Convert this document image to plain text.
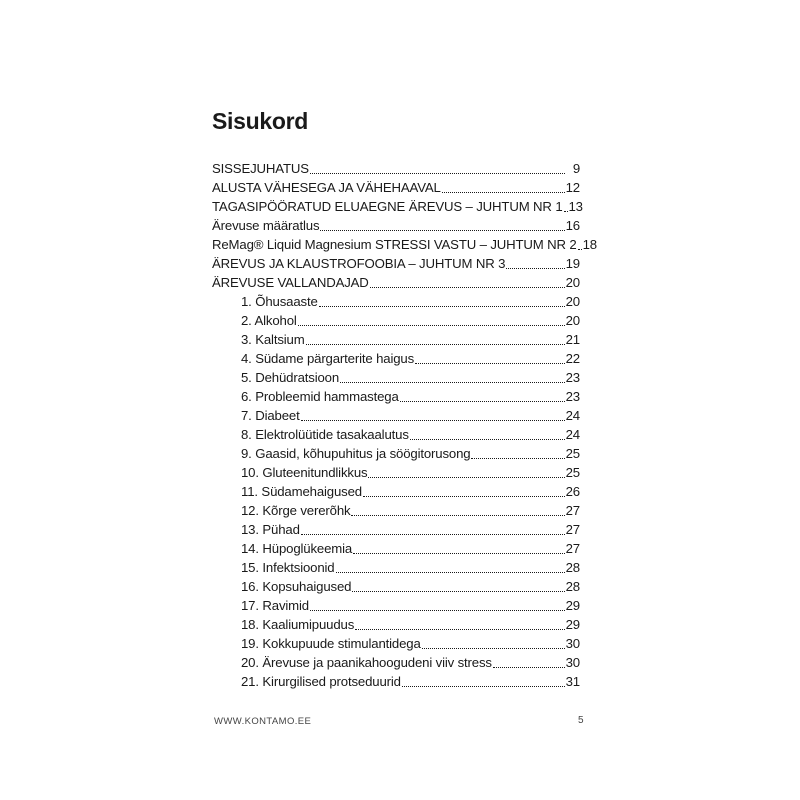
Sisukord
SISSEJUHATUS	9
ALUSTA VÄHESEGA JA VÄHEHAAVAL	12
TAGASIPÖÖRATUD ELUAEGNE ÄREVUS – JUHTUM NR 1 13
Ärevuse määratlus	16
ReMag® Liquid Magnesium STRESSI VASTU – JUHTUM NR 2 18
ÄREVUS JA KLAUSTROFOOBIA – JUHTUM NR 3	19
ÄREVUSE VALLANDAJAD	20
1. Õhusaaste	20
2. Alkohol	20
3. Kaltsium	21
4. Südame pärgarterite haigus	22
5. Dehüdratsioon	23
6. Probleemid hammastega	23
7. Diabeet	24
8. Elektrolüütide tasakaalutus	24
9. Gaasid, kõhupuhitus ja söögitorusong	25
10. Gluteenitundlikkus	25
11. Südamehaigused	26
12. Kõrge vererõhk	27
13. Pühad	27
14. Hüpoglükeemia	27
15. Infektsioonid	28
16. Kopsuhaigused	28
17. Ravimid	29
18. Kaaliumipuudus	29
19. Kokkupuude stimulantidega	30
20. Ärevuse ja paanikahoogudeni viiv stress	30
21. Kirurgilised protseduurid	31
WWW.KONTAMO.EE	5
